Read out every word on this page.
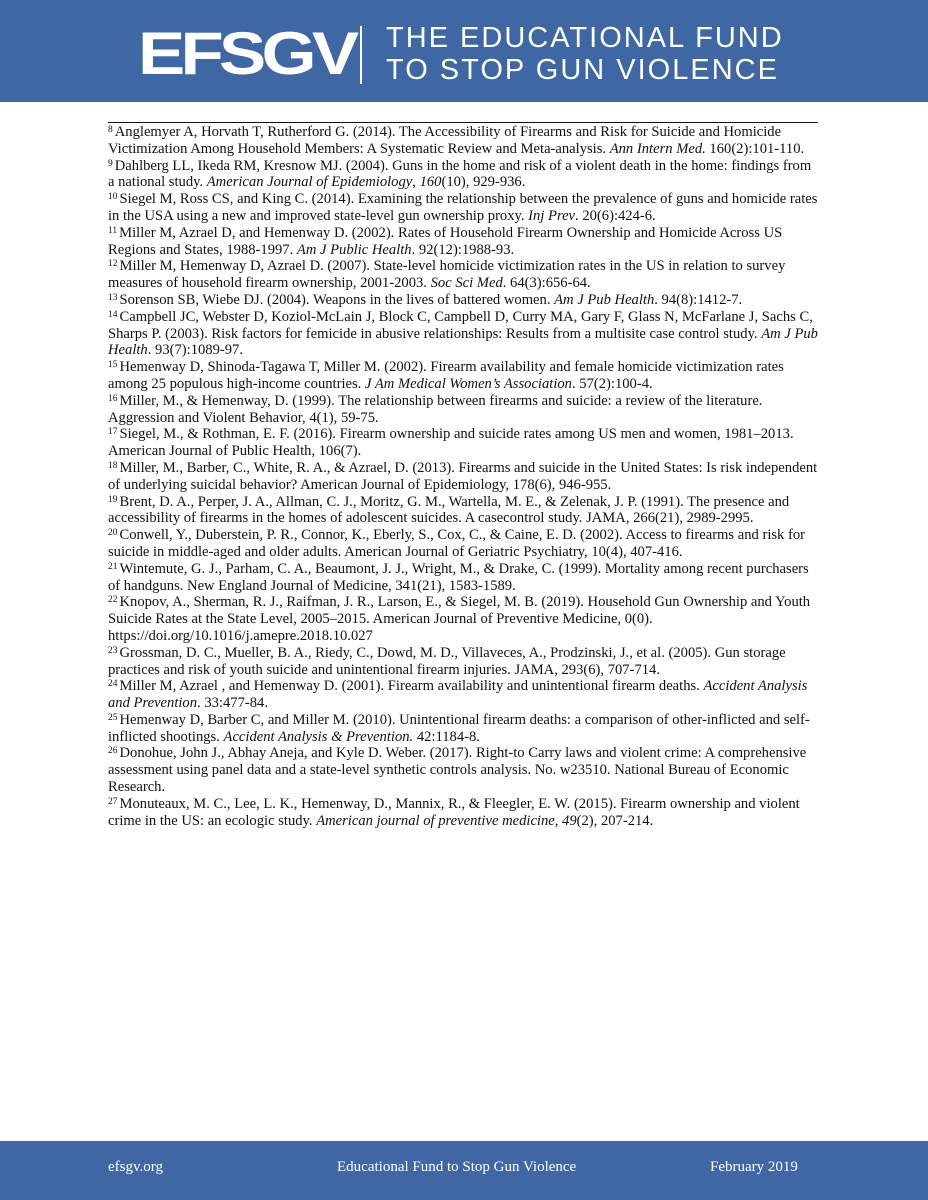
EFSGV THE EDUCATIONAL FUND
TO STOP GUN VIOLENCE

$^8$ Anglemyer A, Horvath T, Rutherford G. (2014). The Accessibility of Firearms and Risk for Suicide and Homicide Victimization Among Household Members: A Systematic Review and Meta-analysis. Ann Intern Med. 160(2):101-110.

$^9$ Dahlberg LL, Ikeda RM, Kresnow MJ. (2004). Guns in the home and risk of a violent death in the home: findings from a national study. American Journal of Epidemiology, 160(10), 929-936.

$^{10}$ Siegel M, Ross CS, and King C. (2014). Examining the relationship between the prevalence of guns and homicide rates in the USA using a new and improved state-level gun ownership proxy. Inj Prev. 20(6):424-6.

$^{11}$ Miller M, Azrael D, and Hemenway D. (2002). Rates of Household Firearm Ownership and Homicide Across US Regions and States, 1988-1997. Am J Public Health. 92(12):1988-93.

$^{12}$ Miller M, Hemenway D, Azrael D. (2007). State-level homicide victimization rates in the US in relation to survey measures of household firearm ownership, 2001-2003. Soc Sci Med. 64(3):656-64.

$^{13}$ Sorenson SB, Wiebe DJ. (2004). Weapons in the lives of battered women. Am J Pub Health. 94(8):1412-7.

$^{14}$ Campbell JC, Webster D, Koziol-McLain J, Block C, Campbell D, Curry MA, Gary F, Glass N, McFarlane J, Sachs C, Sharps P. (2003). Risk factors for femicide in abusive relationships: Results from a multisite case control study. Am J Pub Health. 93(7):1089-97.

$^{15}$ Hemenway D, Shinoda-Tagawa T, Miller M. (2002). Firearm availability and female homicide victimization rates among 25 populous high-income countries. J Am Medical Women’s Association. 57(2):100-4.

$^{16}$ Miller, M., & Hemenway, D. (1999). The relationship between firearms and suicide: a review of the literature. Aggression and Violent Behavior, 4(1), 59-75.

$^{17}$ Siegel, M., & Rothman, E. F. (2016). Firearm ownership and suicide rates among US men and women, 1981–2013. American Journal of Public Health, 106(7).

$^{18}$ Miller, M., Barber, C., White, R. A., & Azrael, D. (2013). Firearms and suicide in the United States: Is risk independent of underlying suicidal behavior? American Journal of Epidemiology, 178(6), 946-955.

$^{19}$ Brent, D. A., Perper, J. A., Allman, C. J., Moritz, G. M., Wartella, M. E., & Zelenak, J. P. (1991). The presence and accessibility of firearms in the homes of adolescent suicides. A casecontrol study. JAMA, 266(21), 2989-2995.

$^{20}$ Conwell, Y., Duberstein, P. R., Connor, K., Eberly, S., Cox, C., & Caine, E. D. (2002). Access to firearms and risk for suicide in middle-aged and older adults. American Journal of Geriatric Psychiatry, 10(4), 407-416.

$^{21}$ Wintemute, G. J., Parham, C. A., Beaumont, J. J., Wright, M., & Drake, C. (1999). Mortality among recent purchasers of handguns. New England Journal of Medicine, 341(21), 1583-1589.

$^{22}$ Knopov, A., Sherman, R. J., Raifman, J. R., Larson, E., & Siegel, M. B. (2019). Household Gun Ownership and Youth Suicide Rates at the State Level, 2005–2015. American Journal of Preventive Medicine, 0(0). https://doi.org/10.1016/j.amepre.2018.10.027

$^{23}$ Grossman, D. C., Mueller, B. A., Riedy, C., Dowd, M. D., Villaveces, A., Prodzinski, J., et al. (2005). Gun storage practices and risk of youth suicide and unintentional firearm injuries. JAMA, 293(6), 707-714.

$^{24}$ Miller M, Azrael , and Hemenway D. (2001). Firearm availability and unintentional firearm deaths. Accident Analysis and Prevention. 33:477-84.

$^{25}$ Hemenway D, Barber C, and Miller M. (2010). Unintentional firearm deaths: a comparison of other-inflicted and self-inflicted shootings. Accident Analysis & Prevention. 42:1184-8.

$^{26}$ Donohue, John J., Abhay Aneja, and Kyle D. Weber. (2017). Right-to Carry laws and violent crime: A comprehensive assessment using panel data and a state-level synthetic controls analysis. No. w23510. National Bureau of Economic Research.

$^{27}$ Monuteaux, M. C., Lee, L. K., Hemenway, D., Mannix, R., & Fleegler, E. W. (2015). Firearm ownership and violent crime in the US: an ecologic study. American journal of preventive medicine, 49(2), 207-214.

efsgv.org	Educational Fund to Stop Gun Violence	February 2019
